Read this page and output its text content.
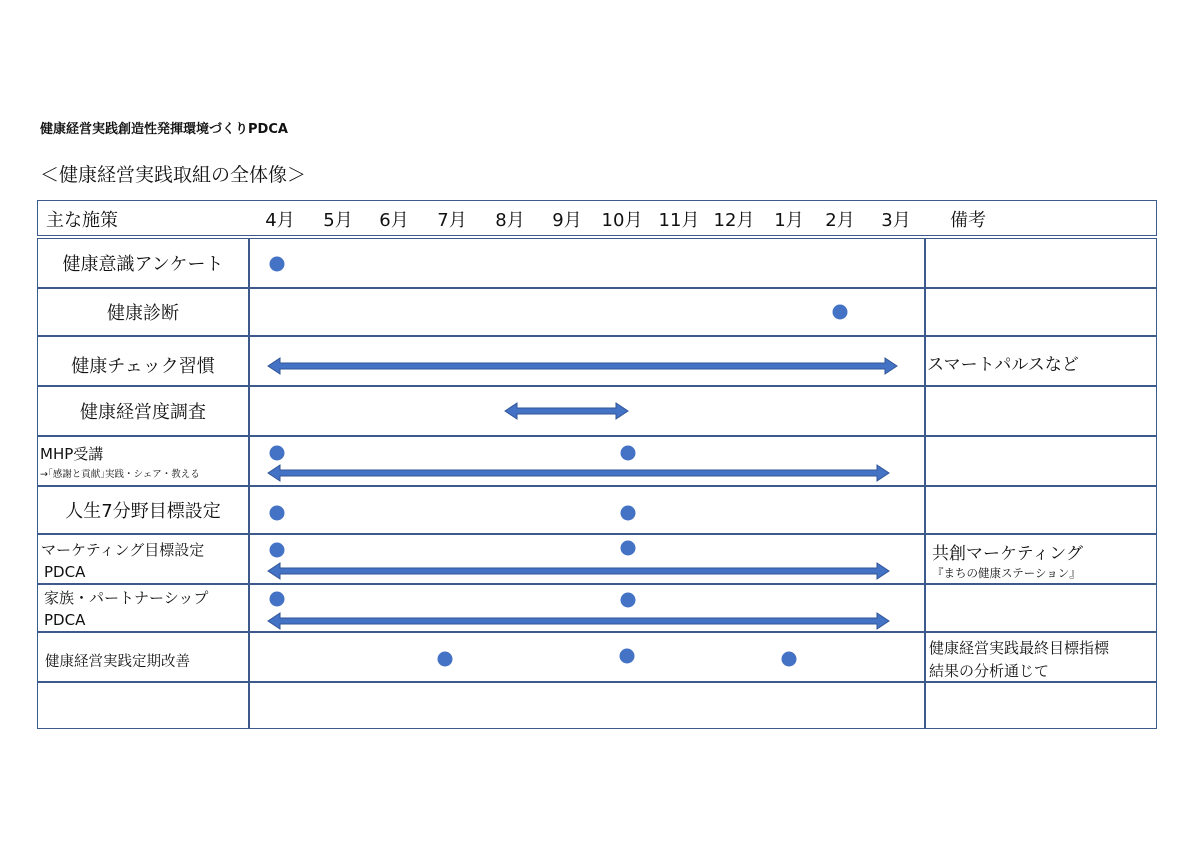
健康経営実践創造性発揮環境づくりPDCA
＜健康経営実践取組の全体像＞
主な施策	備考
4月 5月 6月 7月 8月 9月 10月 11月 12月 1月 2月 3月
健康意識アンケート
健康診断
健康チェック習慣	スマートパルスなど
健康経営度調査
MHP受講
→｢感謝と貢献｣実践・シェア・教える
人生7分野目標設定
マーケティング目標設定
PDCA
共創マーケティング
『まちの健康ステーション』
家族・パートナーシップ
PDCA
健康経営実践定期改善
健康経営実践最終目標指標
結果の分析通じて
